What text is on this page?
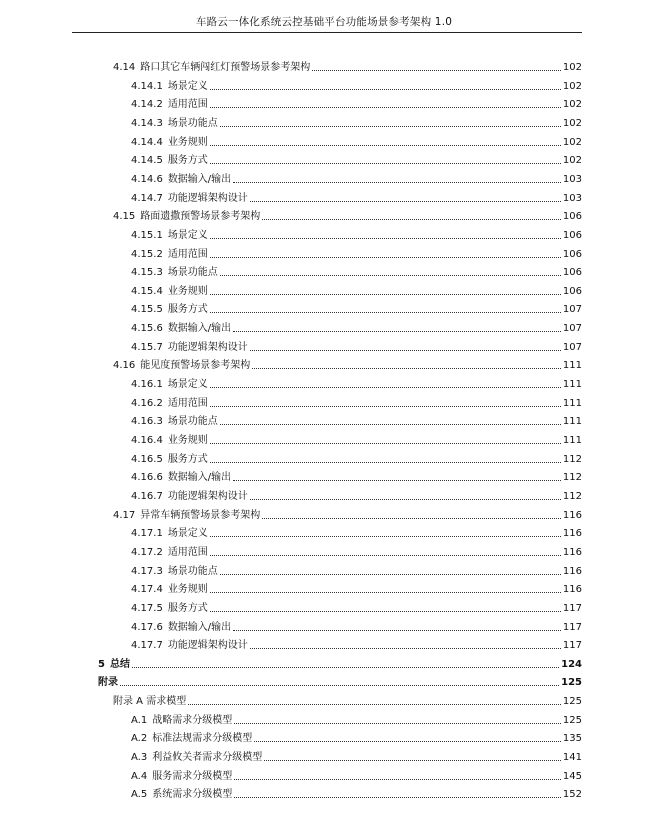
车路云一体化系统云控基础平台功能场景参考架构 1.0
4.14 路口其它车辆闯红灯预警场景参考架构	102
4.14.1 场景定义	102
4.14.2 适用范围	102
4.14.3 场景功能点	102
4.14.4 业务规则	102
4.14.5 服务方式	102
4.14.6 数据输入/输出	103
4.14.7 功能逻辑架构设计	103
4.15 路面遗撒预警场景参考架构	106
4.15.1 场景定义	106
4.15.2 适用范围	106
4.15.3 场景功能点	106
4.15.4 业务规则	106
4.15.5 服务方式	107
4.15.6 数据输入/输出	107
4.15.7 功能逻辑架构设计	107
4.16 能见度预警场景参考架构	111
4.16.1 场景定义	111
4.16.2 适用范围	111
4.16.3 场景功能点	111
4.16.4 业务规则	111
4.16.5 服务方式	112
4.16.6 数据输入/输出	112
4.16.7 功能逻辑架构设计	112
4.17 异常车辆预警场景参考架构	116
4.17.1 场景定义	116
4.17.2 适用范围	116
4.17.3 场景功能点	116
4.17.4 业务规则	116
4.17.5 服务方式	117
4.17.6 数据输入/输出	117
4.17.7 功能逻辑架构设计	117
5 总结	124
附录	125
附录 A 需求模型	125
A.1 战略需求分级模型	125
A.2 标准法规需求分级模型	135
A.3 利益攸关者需求分级模型	141
A.4 服务需求分级模型	145
A.5 系统需求分级模型	152
